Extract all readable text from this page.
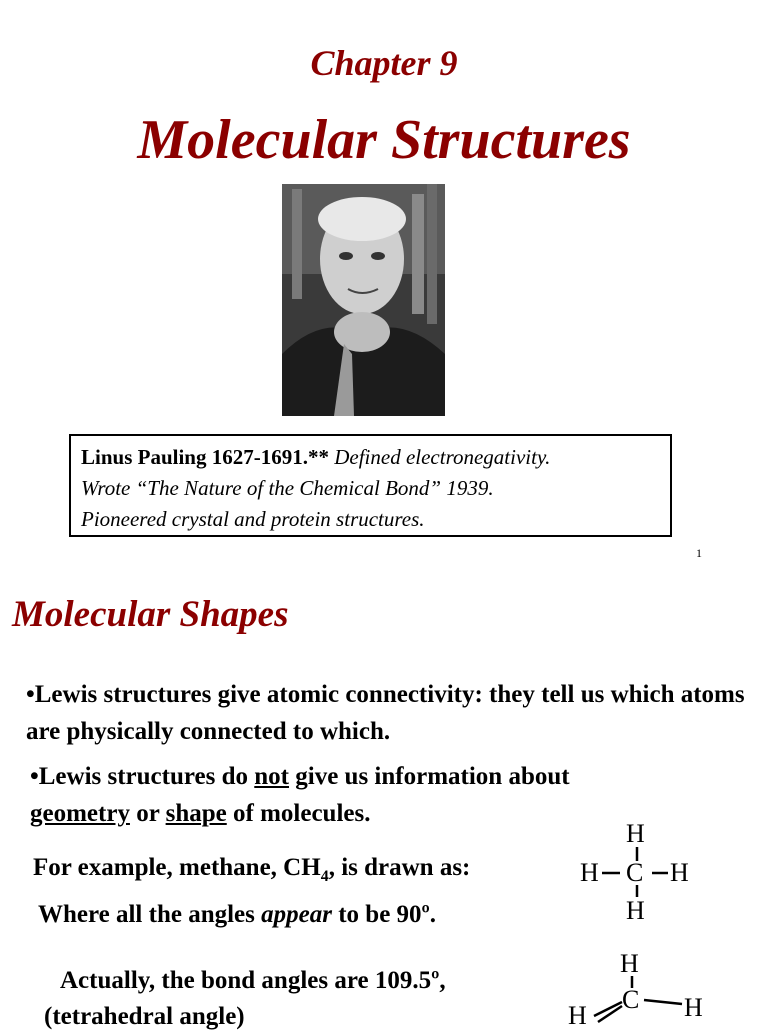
Chapter 9
Molecular Structures
Linus Pauling 1627-1691.** Defined electronegativity.
Wrote “The Nature of the Chemical Bond” 1939.
Pioneered crystal and protein structures.
1
Molecular Shapes
•Lewis structures give atomic connectivity: they tell us which atoms are physically connected to which.
•Lewis structures do not give us information about
geometry or shape of molecules.
For example, methane, $CH_4$, is drawn as:
Where all the angles appear to be 90º.
Actually, the bond angles are 109.5º,
(tetrahedral angle)
H
H C H
H
H
C H
H
